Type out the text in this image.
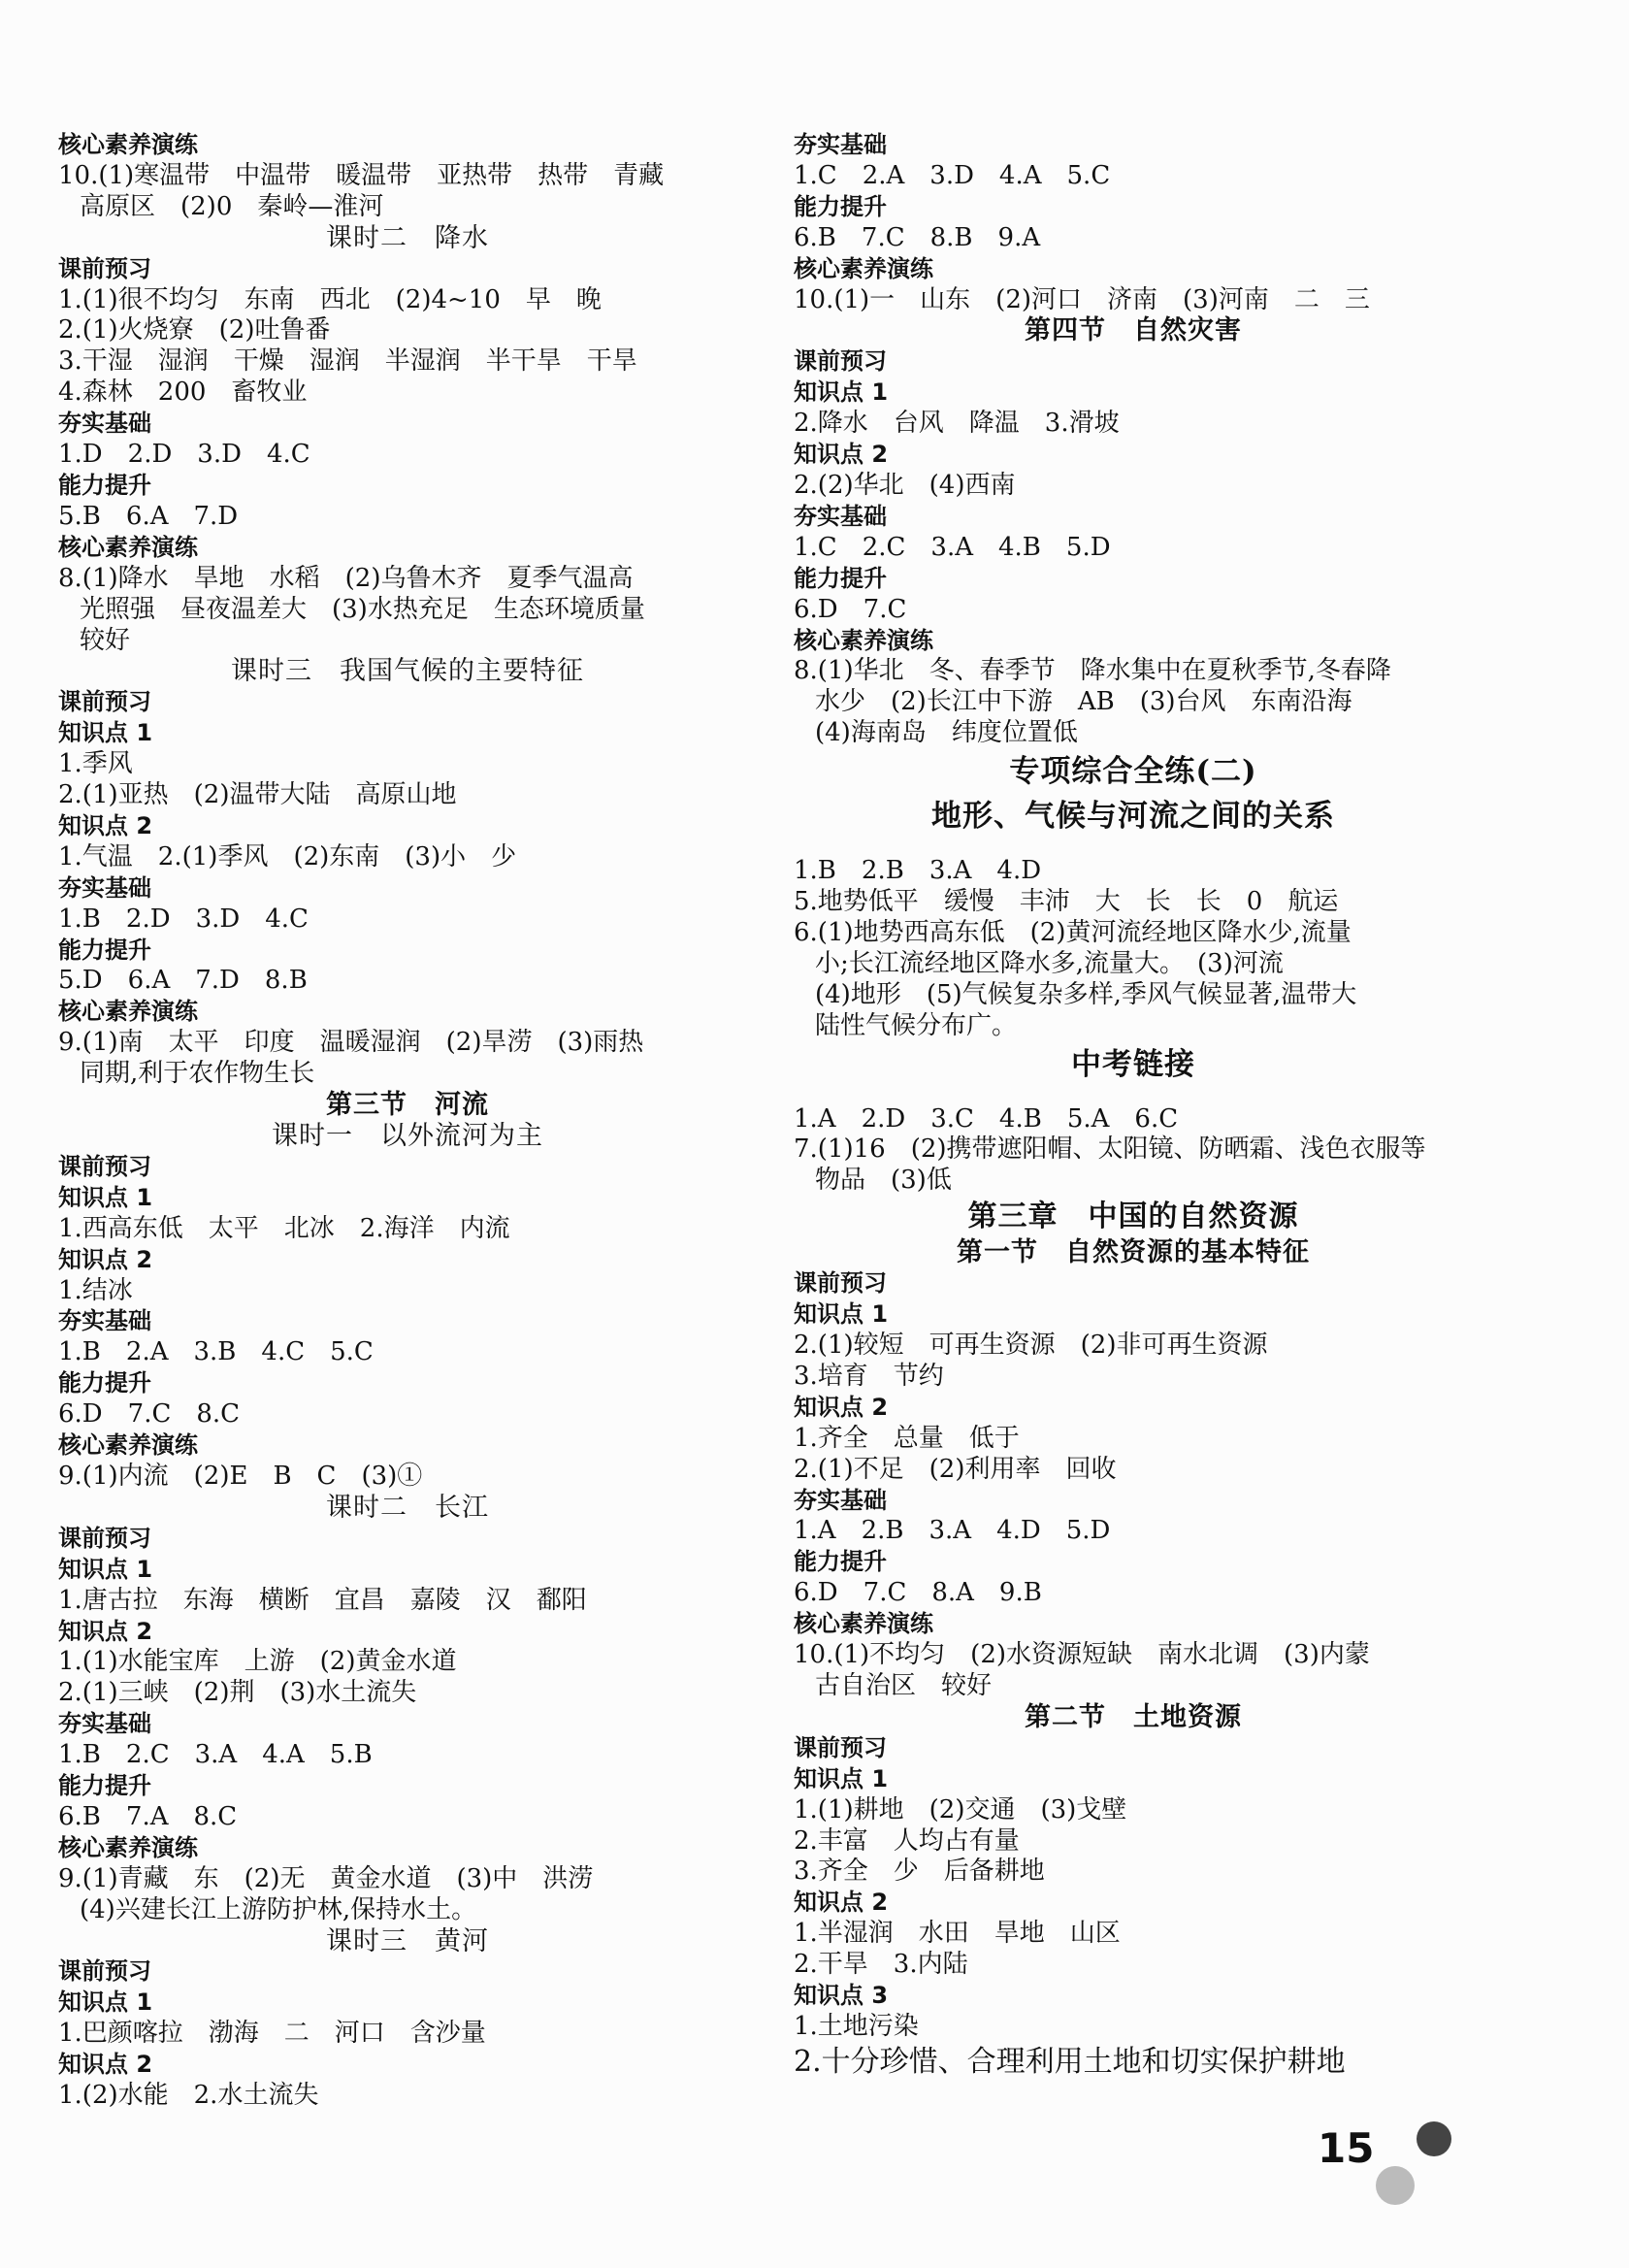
核心素养演练
10.(1)寒温带　中温带　暖温带　亚热带　热带　青藏
高原区　(2)0　秦岭—淮河
课时二　降水
课前预习
1.(1)很不均匀　东南　西北　(2)4~10　早　晚
2.(1)火烧寮　(2)吐鲁番
3.干湿　湿润　干燥　湿润　半湿润　半干旱　干旱
4.森林　200　畜牧业
夯实基础
1.D　2.D　3.D　4.C
能力提升
5.B　6.A　7.D
核心素养演练
8.(1)降水　旱地　水稻　(2)乌鲁木齐　夏季气温高
光照强　昼夜温差大　(3)水热充足　生态环境质量
较好
课时三　我国气候的主要特征
课前预习
知识点 1
1.季风
2.(1)亚热　(2)温带大陆　高原山地
知识点 2
1.气温　2.(1)季风　(2)东南　(3)小　少
夯实基础
1.B　2.D　3.D　4.C
能力提升
5.D　6.A　7.D　8.B
核心素养演练
9.(1)南　太平　印度　温暖湿润　(2)旱涝　(3)雨热
同期,利于农作物生长
第三节　河流
课时一　以外流河为主
课前预习
知识点 1
1.西高东低　太平　北冰　2.海洋　内流
知识点 2
1.结冰
夯实基础
1.B　2.A　3.B　4.C　5.C
能力提升
6.D　7.C　8.C
核心素养演练
9.(1)内流　(2)E　B　C　(3)①
课时二　长江
课前预习
知识点 1
1.唐古拉　东海　横断　宜昌　嘉陵　汉　鄱阳
知识点 2
1.(1)水能宝库　上游　(2)黄金水道
2.(1)三峡　(2)荆　(3)水土流失
夯实基础
1.B　2.C　3.A　4.A　5.B
能力提升
6.B　7.A　8.C
核心素养演练
9.(1)青藏　东　(2)无　黄金水道　(3)中　洪涝
(4)兴建长江上游防护林,保持水土。
课时三　黄河
课前预习
知识点 1
1.巴颜喀拉　渤海　二　河口　含沙量
知识点 2
1.(2)水能　2.水土流失
夯实基础
1.C　2.A　3.D　4.A　5.C
能力提升
6.B　7.C　8.B　9.A
核心素养演练
10.(1)一　山东　(2)河口　济南　(3)河南　二　三
第四节　自然灾害
课前预习
知识点 1
2.降水　台风　降温　3.滑坡
知识点 2
2.(2)华北　(4)西南
夯实基础
1.C　2.C　3.A　4.B　5.D
能力提升
6.D　7.C
核心素养演练
8.(1)华北　冬、春季节　降水集中在夏秋季节,冬春降
水少　(2)长江中下游　AB　(3)台风　东南沿海
(4)海南岛　纬度位置低
专项综合全练(二)
地形、气候与河流之间的关系
1.B　2.B　3.A　4.D
5.地势低平　缓慢　丰沛　大　长　长　0　航运
6.(1)地势西高东低　(2)黄河流经地区降水少,流量
小;长江流经地区降水多,流量大。　(3)河流
(4)地形　(5)气候复杂多样,季风气候显著,温带大
陆性气候分布广。
中考链接
1.A　2.D　3.C　4.B　5.A　6.C
7.(1)16　(2)携带遮阳帽、太阳镜、防晒霜、浅色衣服等
物品　(3)低
第三章　中国的自然资源
第一节　自然资源的基本特征
课前预习
知识点 1
2.(1)较短　可再生资源　(2)非可再生资源
3.培育　节约
知识点 2
1.齐全　总量　低于
2.(1)不足　(2)利用率　回收
夯实基础
1.A　2.B　3.A　4.D　5.D
能力提升
6.D　7.C　8.A　9.B
核心素养演练
10.(1)不均匀　(2)水资源短缺　南水北调　(3)内蒙
古自治区　较好
第二节　土地资源
课前预习
知识点 1
1.(1)耕地　(2)交通　(3)戈壁
2.丰富　人均占有量
3.齐全　少　后备耕地
知识点 2
1.半湿润　水田　旱地　山区
2.干旱　3.内陆
知识点 3
1.土地污染
2.十分珍惜、合理利用土地和切实保护耕地
15
